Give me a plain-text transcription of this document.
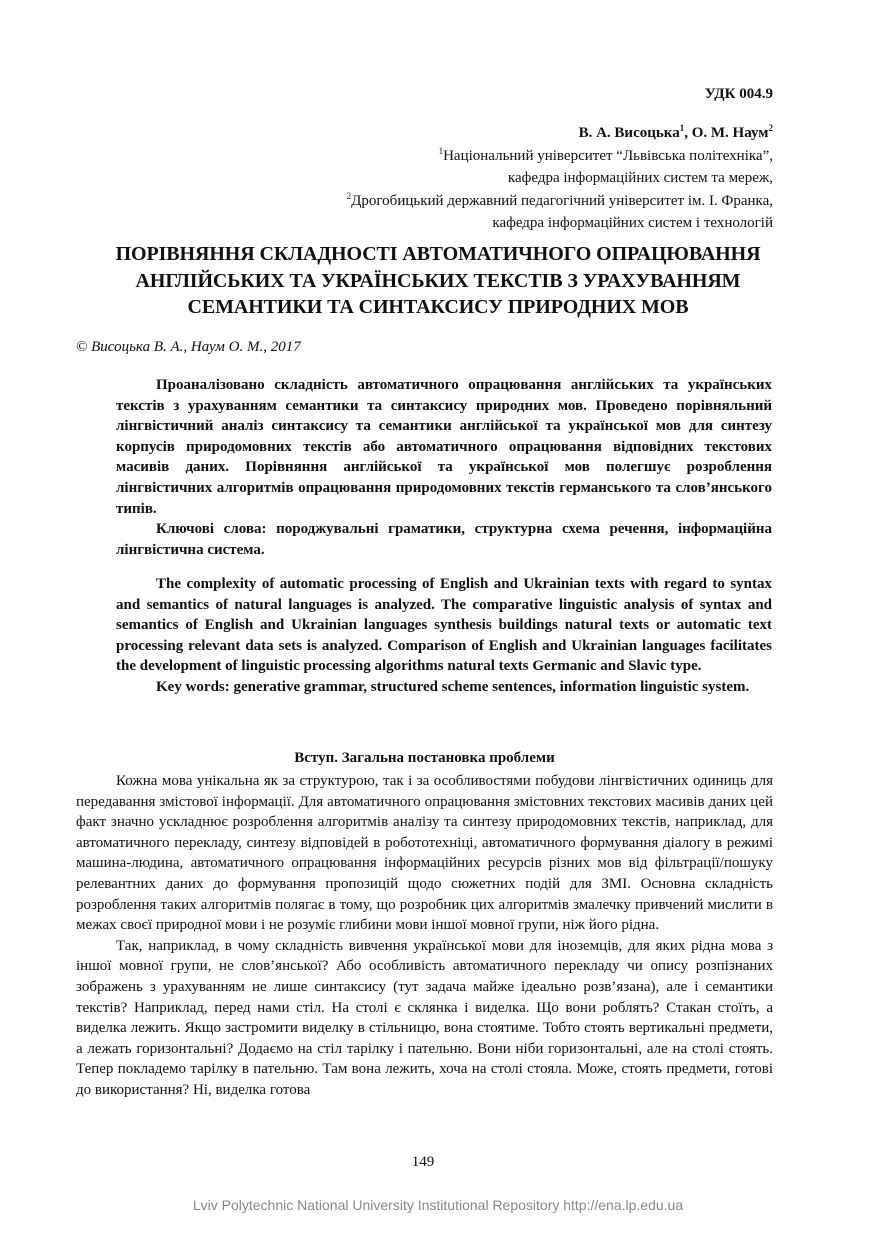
УДК 004.9
В. А. Висоцька$^1$, О. М. Наум$^2$
$^1$Національний університет “Львівська політехніка”,
кафедра інформаційних систем та мереж,
$^2$Дрогобицький державний педагогічний університет ім. І. Франка,
кафедра інформаційних систем і технологій
ПОРІВНЯННЯ СКЛАДНОСТІ АВТОМАТИЧНОГО ОПРАЦЮВАННЯ
АНГЛІЙСЬКИХ ТА УКРАЇНСЬКИХ ТЕКСТІВ З УРАХУВАННЯМ
СЕМАНТИКИ ТА СИНТАКСИСУ ПРИРОДНИХ МОВ
© Висоцька В. А., Наум О. М., 2017

Проаналізовано складність автоматичного опрацювання англійських та українських текстів з урахуванням семантики та синтаксису природних мов. Проведено порівняльний лінгвістичний аналіз синтаксису та семантики англійської та української мов для синтезу корпусів природомовних текстів або автоматичного опрацювання відповідних текстових масивів даних. Порівняння англійської та української мов полегшує розроблення лінгвістичних алгоритмів опрацювання природомовних текстів германського та слов’янського типів.

Ключові слова: породжувальні граматики, структурна схема речення, інформаційна лінгвістична система.

The complexity of automatic processing of English and Ukrainian texts with regard to syntax and semantics of natural languages is analyzed. The comparative linguistic analysis of syntax and semantics of English and Ukrainian languages synthesis buildings natural texts or automatic text processing relevant data sets is analyzed. Comparison of English and Ukrainian languages facilitates the development of linguistic processing algorithms natural texts Germanic and Slavic type.

Key words: generative grammar, structured scheme sentences, information linguistic system.

Вступ. Загальна постановка проблеми

Кожна мова унікальна як за структурою, так і за особливостями побудови лінгвістичних одиниць для передавання змістової інформації. Для автоматичного опрацювання змістовних текстових масивів даних цей факт значно ускладнює розроблення алгоритмів аналізу та синтезу природомовних текстів, наприклад, для автоматичного перекладу, синтезу відповідей в робототехніці, автоматичного формування діалогу в режимі машина-людина, автоматичного опрацювання інформаційних ресурсів різних мов від фільтрації/пошуку релевантних даних до формування пропозицій щодо сюжетних подій для ЗМІ. Основна складність розроблення таких алгоритмів полягає в тому, що розробник цих алгоритмів змалечку привчений мислити в межах своєї природної мови і не розуміє глибини мови іншої мовної групи, ніж його рідна.

Так, наприклад, в чому складність вивчення української мови для іноземців, для яких рідна мова з іншої мовної групи, не слов’янської? Або особливість автоматичного перекладу чи опису розпізнаних зображень з урахуванням не лише синтаксису (тут задача майже ідеально розв’язана), але і семантики текстів? Наприклад, перед нами стіл. На столі є склянка і виделка. Що вони роблять? Стакан стоїть, а виделка лежить. Якщо застромити виделку в стільницю, вона стоятиме. Тобто стоять вертикальні предмети, а лежать горизонтальні? Додаємо на стіл тарілку і пательню. Вони ніби горизонтальні, але на столі стоять. Тепер покладемо тарілку в пательню. Там вона лежить, хоча на столі стояла. Може, стоять предмети, готові до використання? Ні, виделка готова

149
Lviv Polytechnic National University Institutional Repository http://ena.lp.edu.ua
